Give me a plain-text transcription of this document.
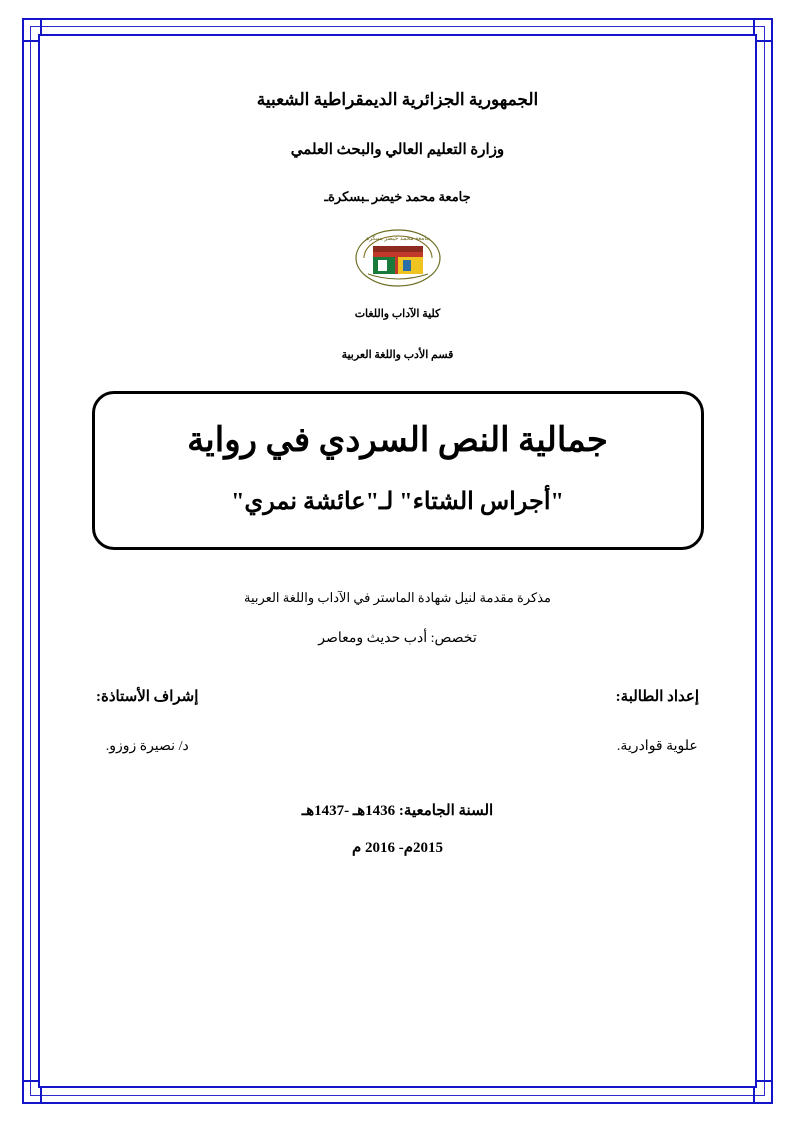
الجمهورية الجزائرية الديمقراطية الشعبية
وزارة التعليم العالي والبحث العلمي
جامعة محمد خيضر ـبسكرةـ
جامعة محمد خيضر بسكرة
كلية الآداب واللغات
قسم الأدب واللغة العربية
جمالية النص السردي في رواية
"أجراس الشتاء" لـ"عائشة نمري"
مذكرة مقدمة لنيل شهادة الماستر في الآداب واللغة العربية
تخصص: أدب حديث ومعاصر
إعداد الطالبة:
علوية قوادرية.
إشراف الأستاذة:
د/ نصيرة زوزو.
السنة الجامعية: 1436هـ -1437هـ
2015م- 2016 م
